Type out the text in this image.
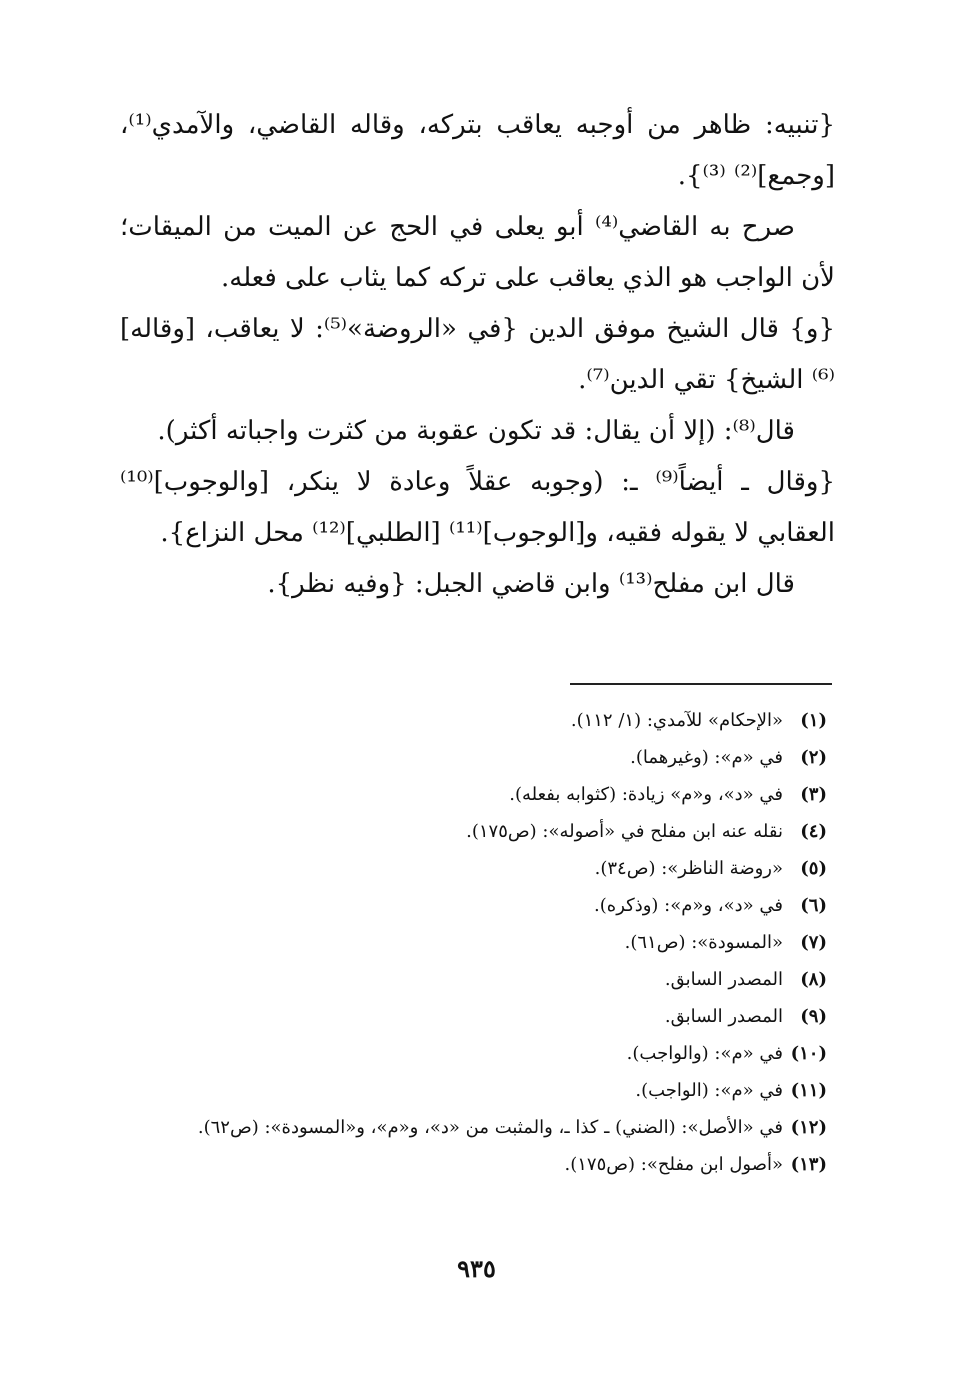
{تنبيه: ظاهر من أوجبه يعاقب بتركه، وقاله القاضي، والآمدي⁽¹⁾، [وجمع]⁽²⁾ ⁽³⁾}.

صرح به القاضي⁽⁴⁾ أبو يعلى في الحج عن الميت من الميقات؛ لأن الواجب هو الذي يعاقب على تركه كما يثاب على فعله.

{و} قال الشيخ موفق الدين {في «الروضة»⁽⁵⁾: لا يعاقب، [وقاله]⁽⁶⁾ الشيخ} تقي الدين⁽⁷⁾.

قال⁽⁸⁾: (إلا أن يقال: قد تكون عقوبة من كثرت واجباته أكثر).

{وقال ـ أيضاً⁽⁹⁾ ـ: (وجوبه عقلاً وعادة لا ينكر، [والوجوب]⁽¹⁰⁾ العقابي لا يقوله فقيه، و[الوجوب]⁽¹¹⁾ [الطلبي]⁽¹²⁾ محل النزاع}.

قال ابن مفلح⁽¹³⁾ وابن قاضي الجبل: {وفيه نظر}.

(١)«الإحكام» للآمدي: (١/ ١١٢).
(٢)في «م»: (وغيرهما).
(٣)في «د»، و«م» زيادة: (كثوابه بفعله).
(٤)نقله عنه ابن مفلح في «أصوله»: (ص١٧٥).
(٥)«روضة الناظر»: (ص٣٤).
(٦)في «د»، و«م»: (وذكره).
(٧)«المسودة»: (ص٦١).
(٨)المصدر السابق.
(٩)المصدر السابق.
(١٠)في «م»: (والواجب).
(١١)في «م»: (الواجب).
(١٢)في «الأصل»: (الضني) ـ كذا ـ، والمثبت من «د»، و«م»، و«المسودة»: (ص٦٢).
(١٣)«أصول ابن مفلح»: (ص١٧٥).
٩٣٥
